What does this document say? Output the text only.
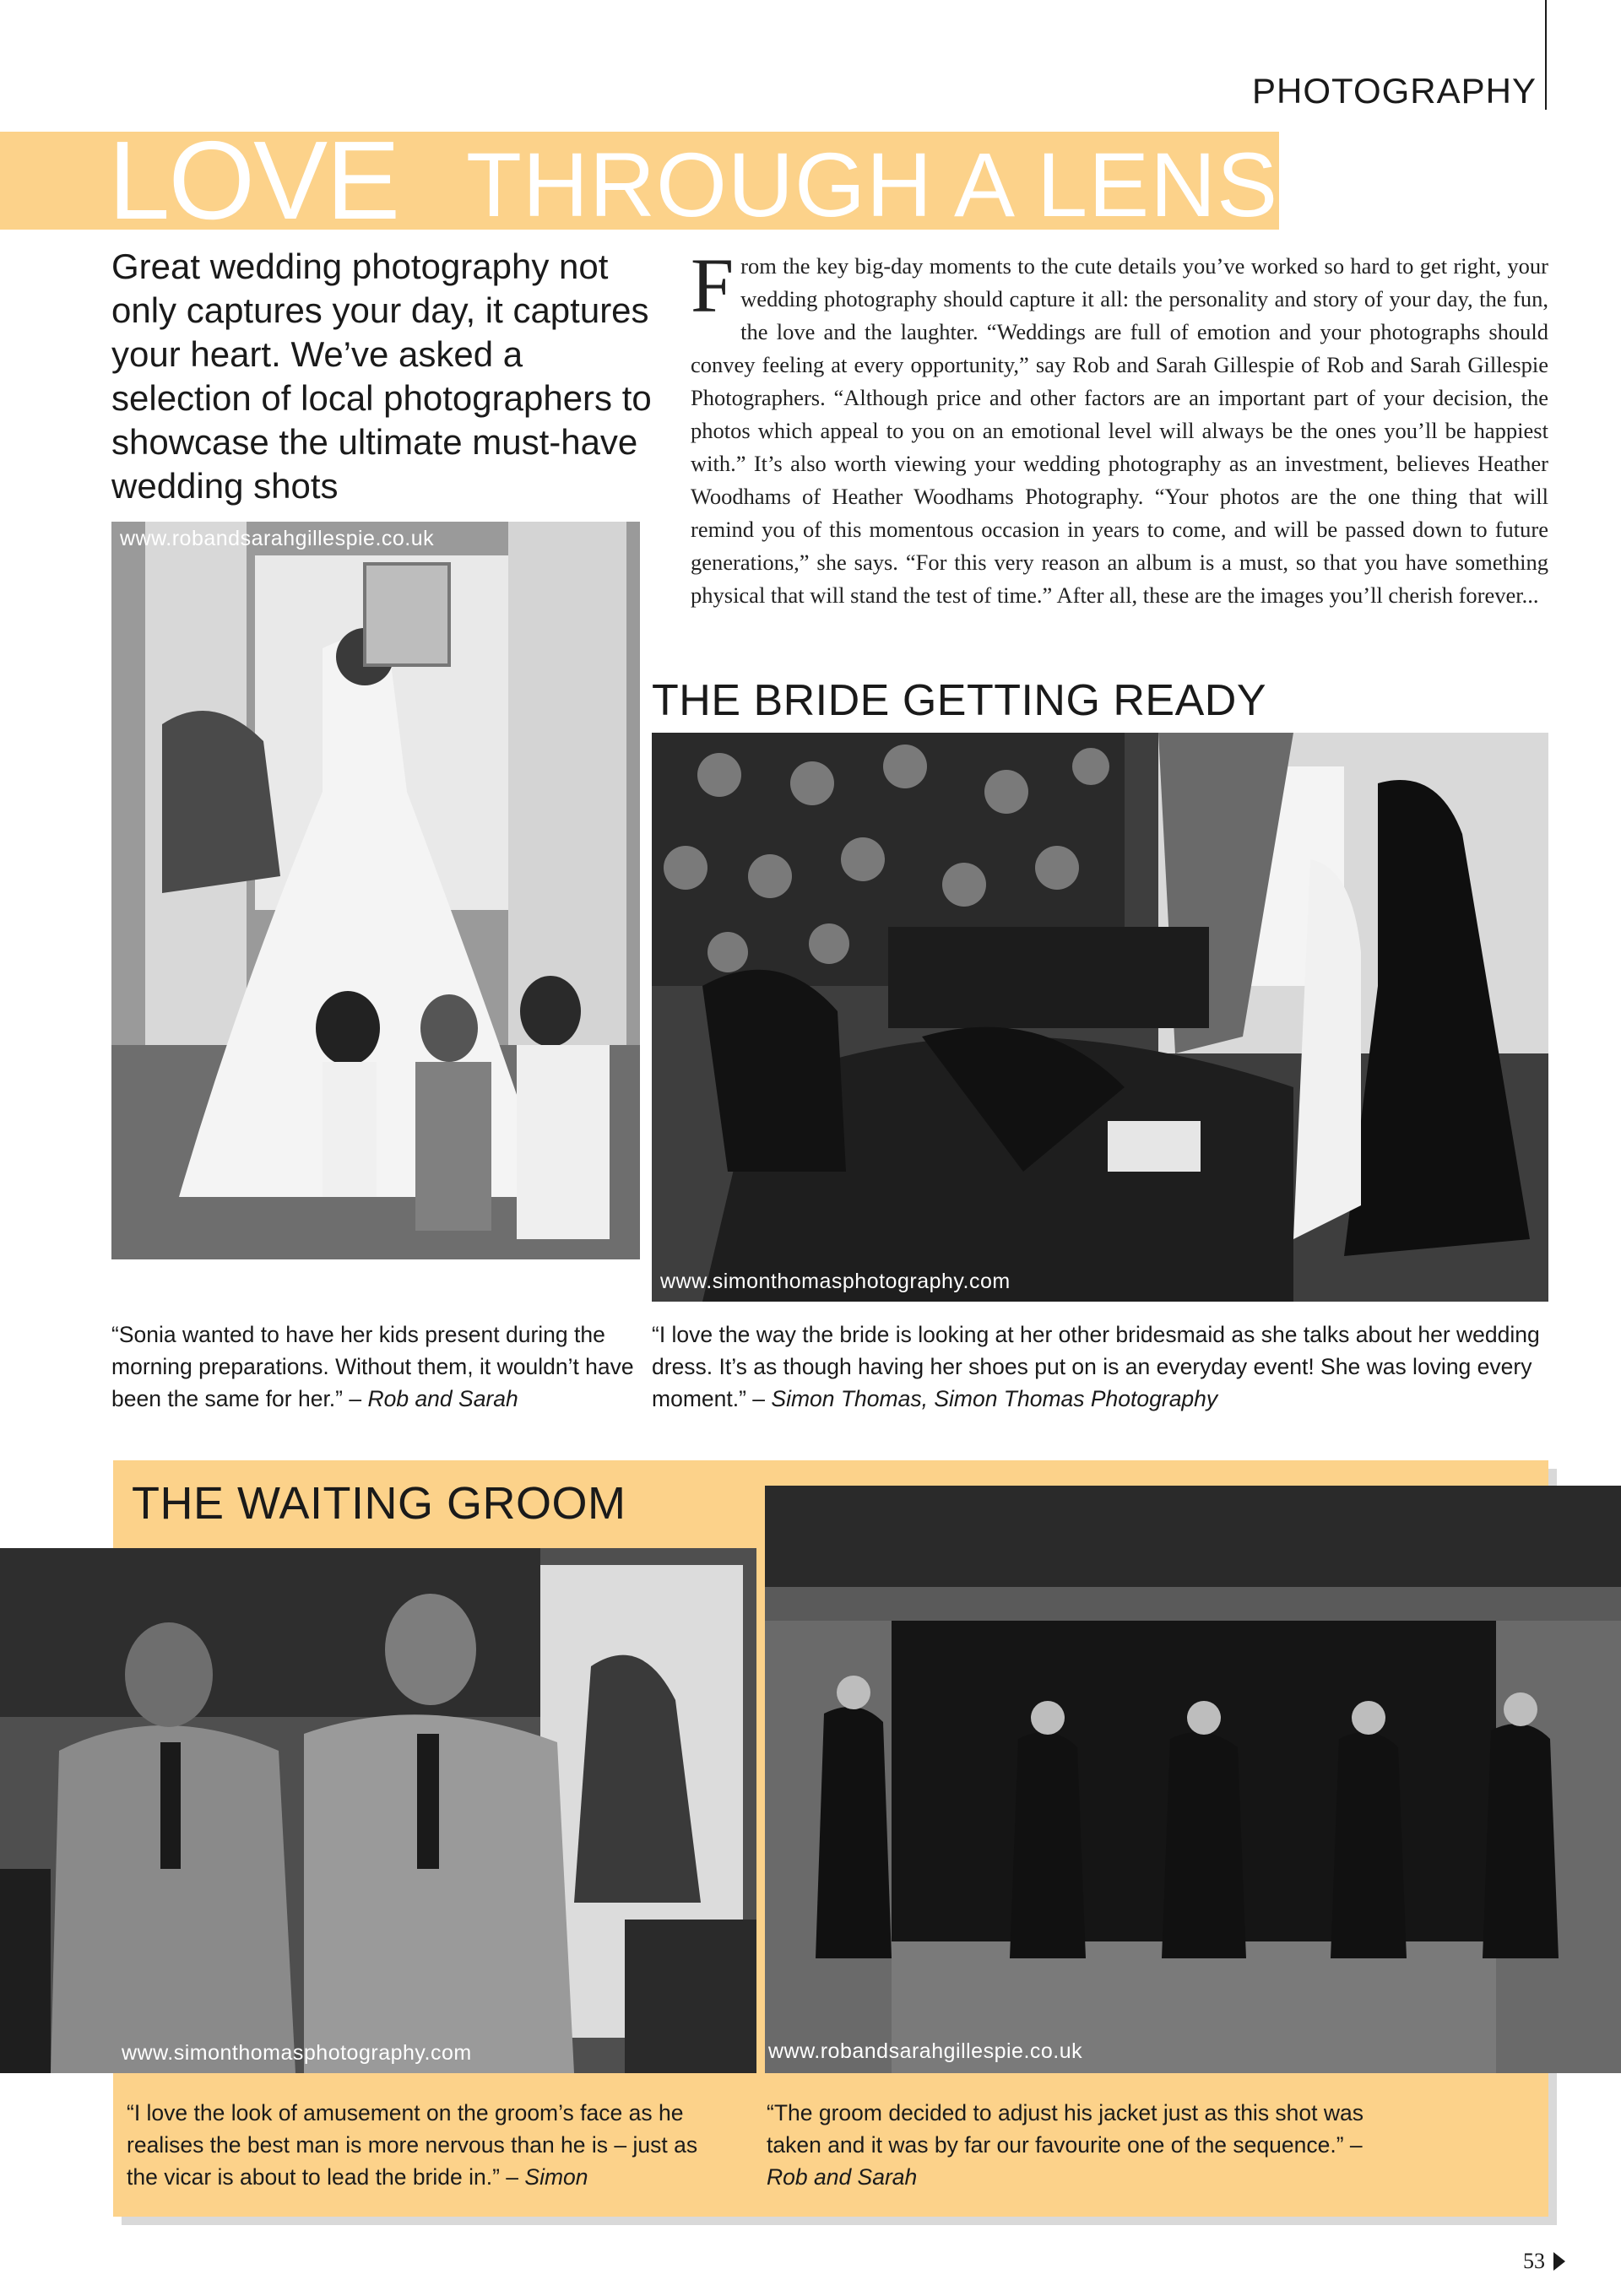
PHOTOGRAPHY
LOVE THROUGH A LENS
Great wedding photography not only captures your day, it captures your heart. We’ve asked a selection of local photographers to showcase the ultimate must-have wedding shots
F rom the key big-day moments to the cute details you’ve worked so hard to get right, your wedding photography should capture it all: the personality and story of your day, the fun, the love and the laughter. “Weddings are full of emotion and your photographs should convey feeling at every opportunity,” say Rob and Sarah Gillespie of Rob and Sarah Gillespie Photographers. “Although price and other factors are an important part of your decision, the photos which appeal to you on an emotional level will always be the ones you’ll be happiest with.” It’s also worth viewing your wedding photography as an investment, believes Heather Woodhams of Heather Woodhams Photography. “Your photos are the one thing that will remind you of this momentous occasion in years to come, and will be passed down to future generations,” she says. “For this very reason an album is a must, so that you have something physical that will stand the test of time.” After all, these are the images you’ll cherish forever...
www.robandsarahgillespie.co.uk
THE BRIDE GETTING READY
www.simonthomasphotography.com
“Sonia wanted to have her kids present during the morning preparations. Without them, it wouldn’t have been the same for her.” – Rob and Sarah
“I love the way the bride is looking at her other bridesmaid as she talks about her wedding dress. It’s as though having her shoes put on is an everyday event! She was loving every moment.” – Simon Thomas, Simon Thomas Photography
THE WAITING GROOM
www.simonthomasphotography.com	www.robandsarahgillespie.co.uk
“I love the look of amusement on the groom’s face as he realises the best man is more nervous than he is – just as the vicar is about to lead the bride in.” – Simon
“The groom decided to adjust his jacket just as this shot was taken and it was by far our favourite one of the sequence.” – Rob and Sarah
53
